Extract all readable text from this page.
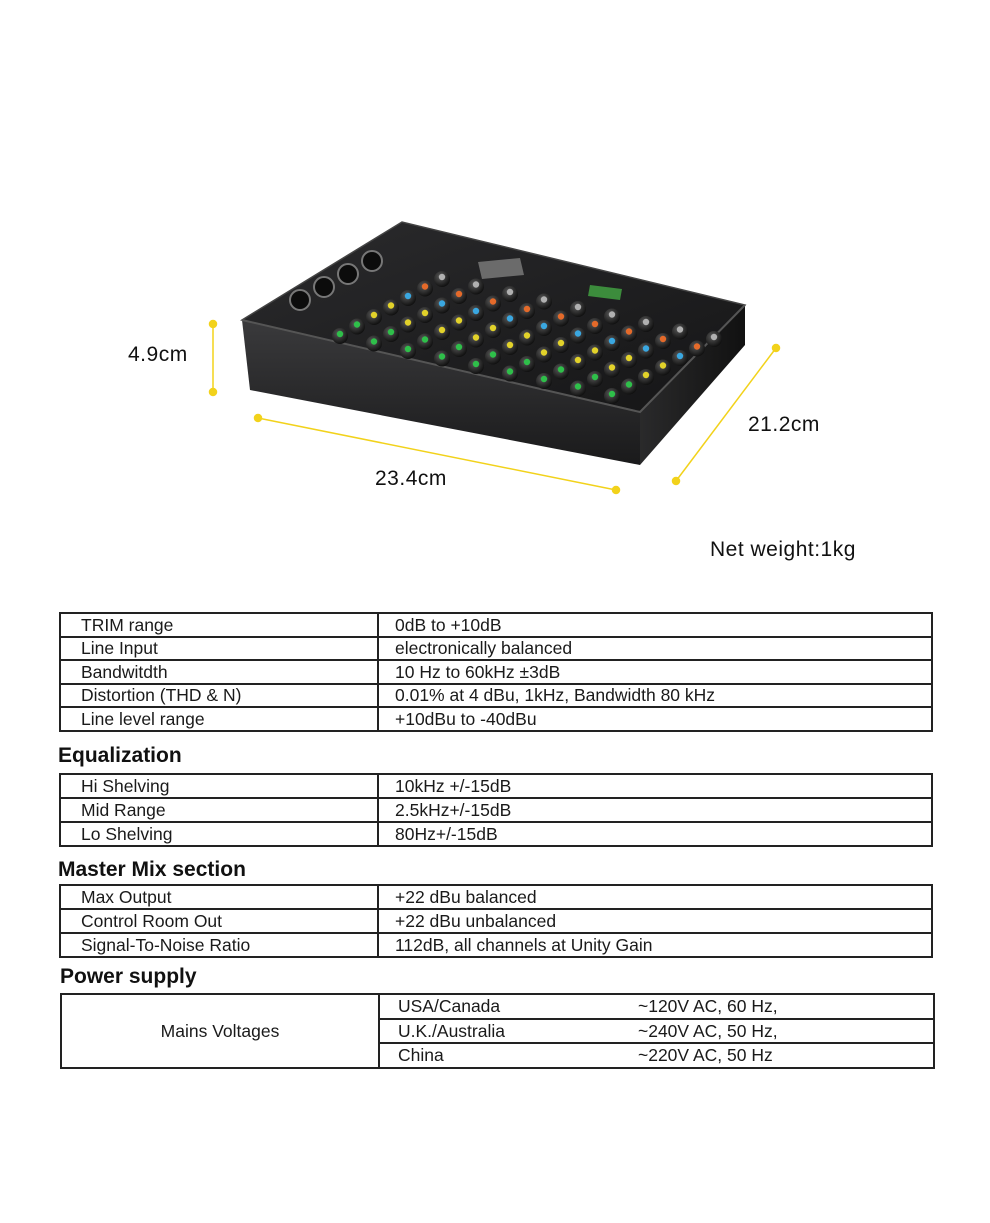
4.9cm
23.4cm
21.2cm
Net weight:1kg
TRIM range	0dB to +10dB
Line Input	electronically balanced
Bandwitdth	10 Hz to 60kHz ±3dB
Distortion (THD & N)	0.01% at 4 dBu, 1kHz, Bandwidth 80 kHz
Line level range	+10dBu to -40dBu
Equalization
Hi Shelving	10kHz +/-15dB
Mid Range	2.5kHz+/-15dB
Lo Shelving	80Hz+/-15dB
Master Mix section
Max Output	+22 dBu balanced
Control Room Out	+22 dBu unbalanced
Signal-To-Noise Ratio	112dB, all channels at Unity Gain
Power supply
Mains Voltages	
USA/Canada	~120V AC, 60 Hz,

U.K./Australia	~240V AC, 50 Hz,

China	~220V AC, 50 Hz
